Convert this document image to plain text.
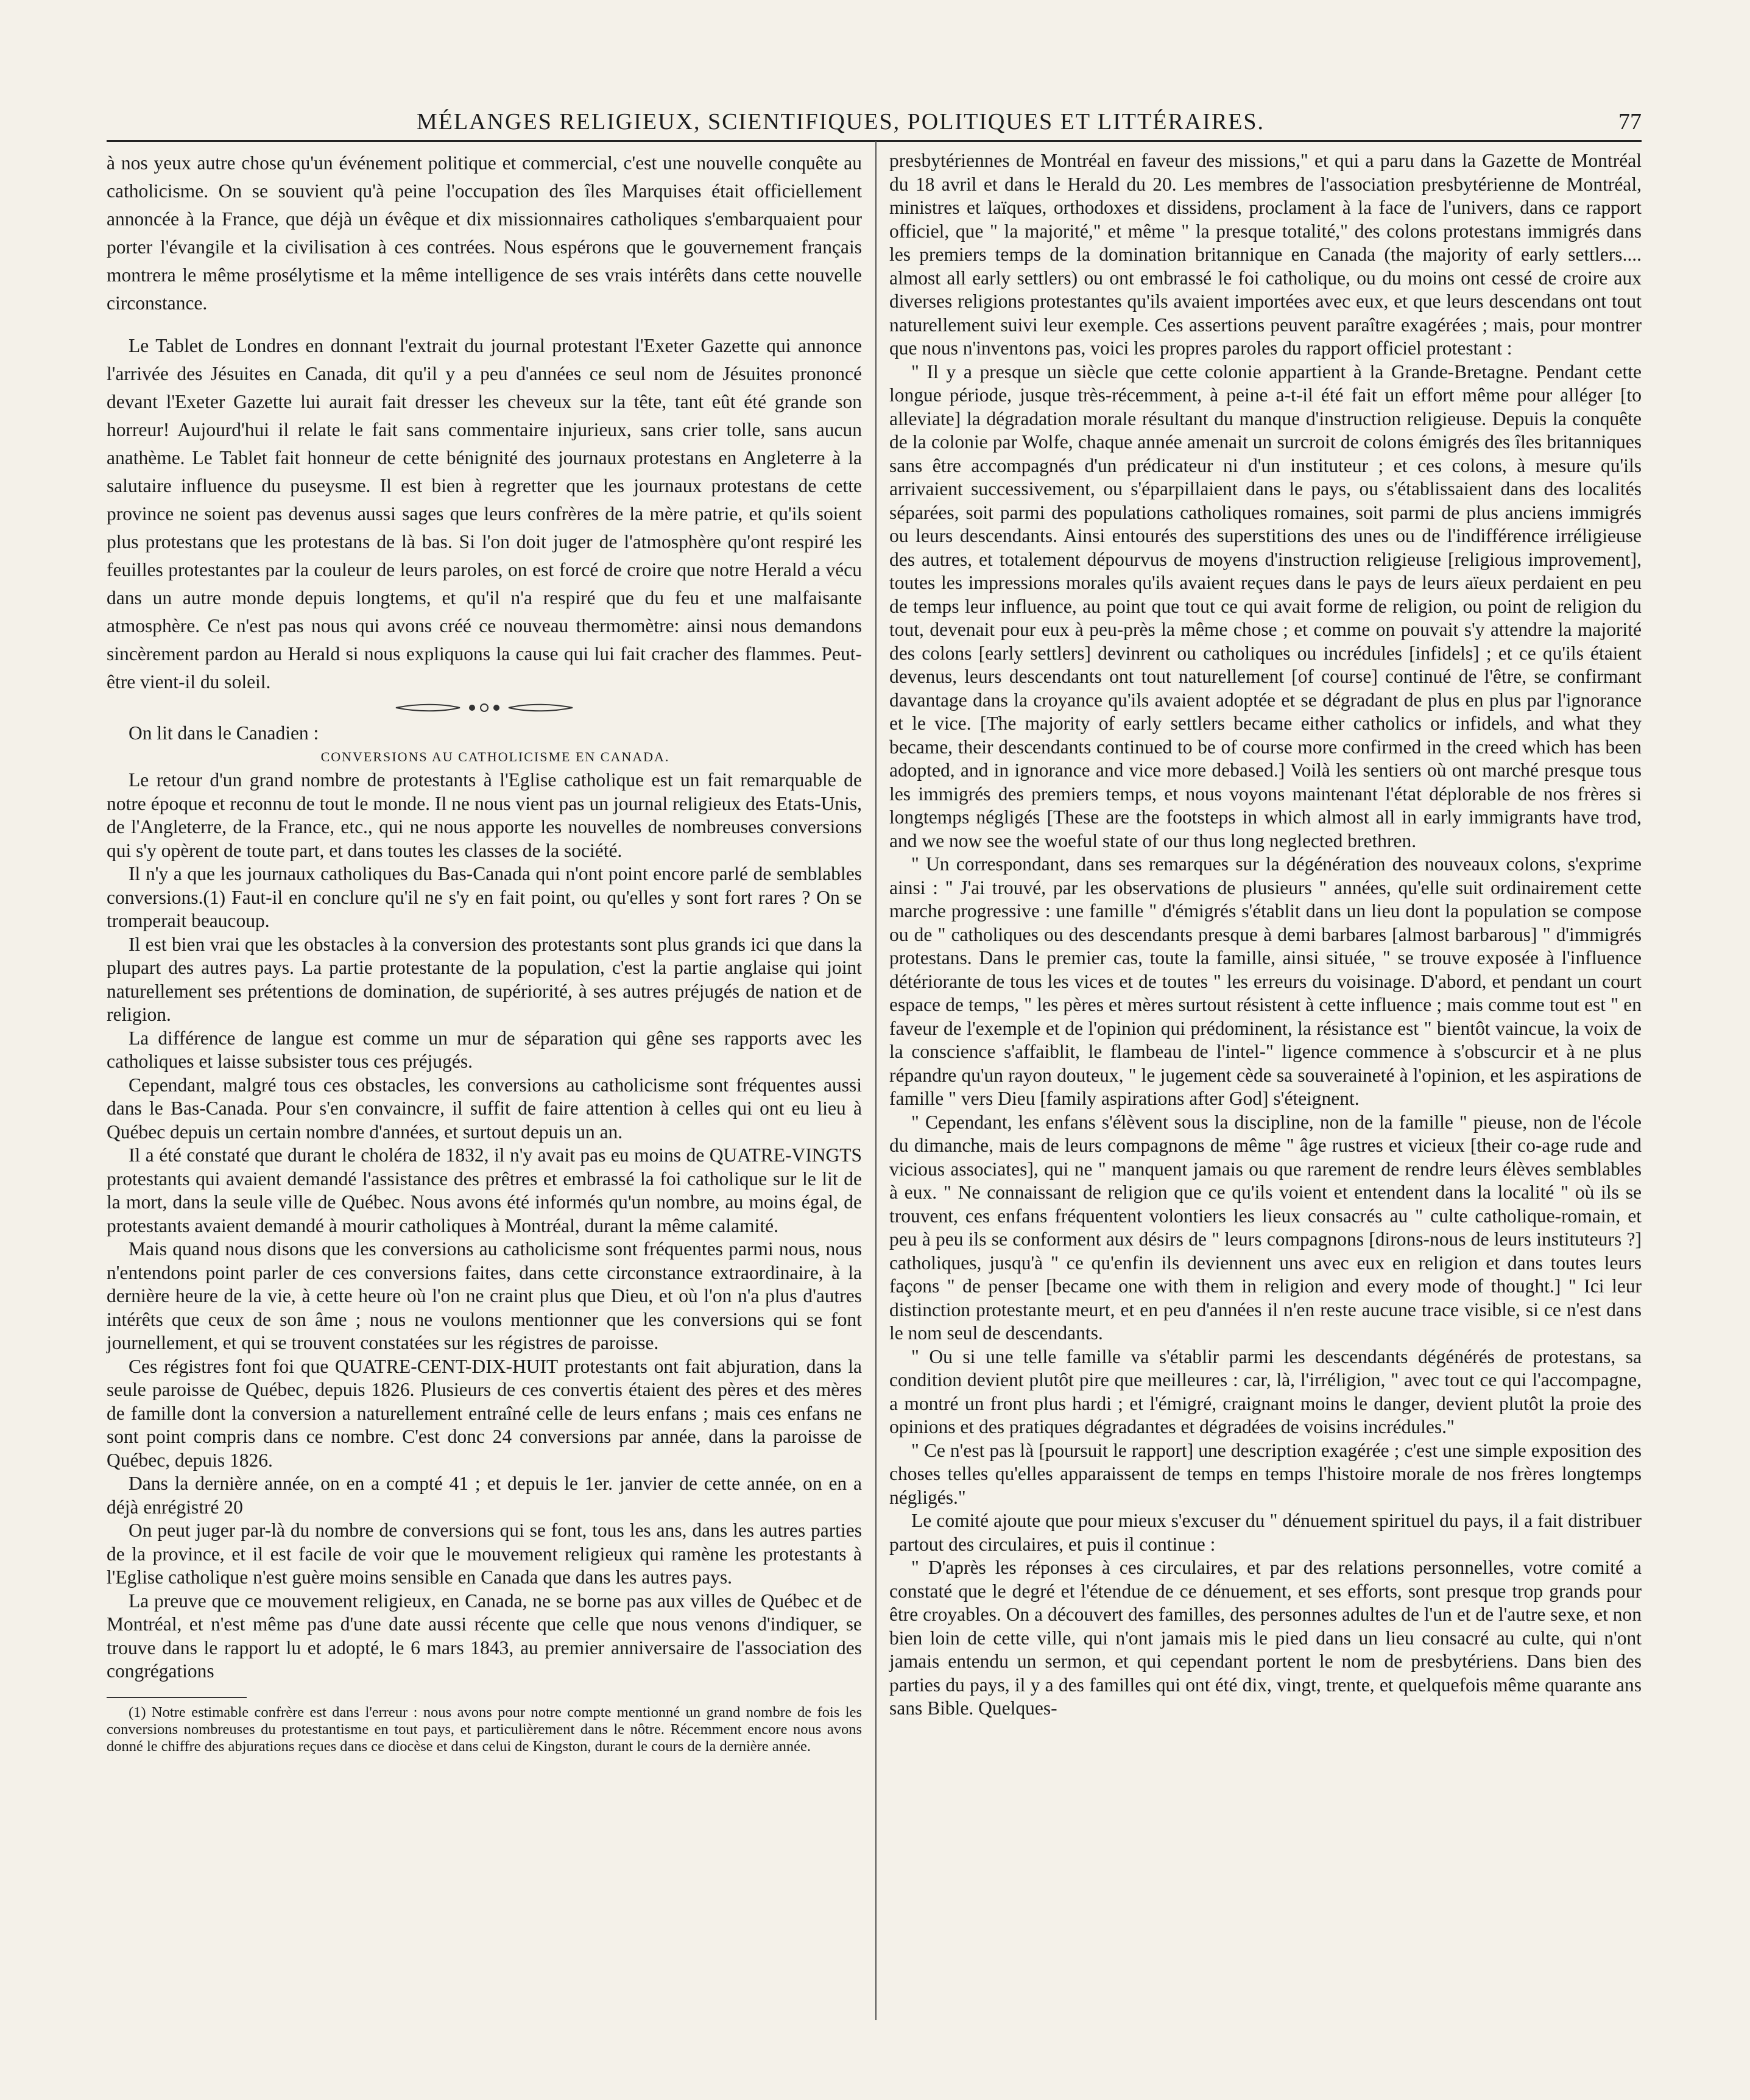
MÉLANGES RELIGIEUX, SCIENTIFIQUES, POLITIQUES ET LITTÉRAIRES.	77

à nos yeux autre chose qu'un événement politique et commercial, c'est une nouvelle conquête au catholicisme. On se souvient qu'à peine l'occupation des îles Marquises était officiellement annoncée à la France, que déjà un évêque et dix missionnaires catholiques s'embarquaient pour porter l'évangile et la civilisation à ces contrées. Nous espérons que le gouvernement français montrera le même prosélytisme et la même intelligence de ses vrais intérêts dans cette nouvelle circonstance.

Le Tablet de Londres en donnant l'extrait du journal protestant l'Exeter Gazette qui annonce l'arrivée des Jésuites en Canada, dit qu'il y a peu d'années ce seul nom de Jésuites prononcé devant l'Exeter Gazette lui aurait fait dresser les cheveux sur la tête, tant eût été grande son horreur! Aujourd'hui il relate le fait sans commentaire injurieux, sans crier tolle, sans aucun anathème. Le Tablet fait honneur de cette bénignité des journaux protestans en Angleterre à la salutaire influence du puseysme. Il est bien à regretter que les journaux protestans de cette province ne soient pas devenus aussi sages que leurs confrères de la mère patrie, et qu'ils soient plus protestans que les protestans de là bas. Si l'on doit juger de l'atmosphère qu'ont respiré les feuilles protestantes par la couleur de leurs paroles, on est forcé de croire que notre Herald a vécu dans un autre monde depuis longtems, et qu'il n'a respiré que du feu et une malfaisante atmosphère. Ce n'est pas nous qui avons créé ce nouveau thermomètre: ainsi nous demandons sincèrement pardon au Herald si nous expliquons la cause qui lui fait cracher des flammes. Peut-être vient-il du soleil.

On lit dans le Canadien :

CONVERSIONS AU CATHOLICISME EN CANADA.

Le retour d'un grand nombre de protestants à l'Eglise catholique est un fait remarquable de notre époque et reconnu de tout le monde. Il ne nous vient pas un journal religieux des Etats-Unis, de l'Angleterre, de la France, etc., qui ne nous apporte les nouvelles de nombreuses conversions qui s'y opèrent de toute part, et dans toutes les classes de la société.

Il n'y a que les journaux catholiques du Bas-Canada qui n'ont point encore parlé de semblables conversions.(1) Faut-il en conclure qu'il ne s'y en fait point, ou qu'elles y sont fort rares ? On se tromperait beaucoup.

Il est bien vrai que les obstacles à la conversion des protestants sont plus grands ici que dans la plupart des autres pays. La partie protestante de la population, c'est la partie anglaise qui joint naturellement ses prétentions de domination, de supériorité, à ses autres préjugés de nation et de religion.

La différence de langue est comme un mur de séparation qui gêne ses rapports avec les catholiques et laisse subsister tous ces préjugés.

Cependant, malgré tous ces obstacles, les conversions au catholicisme sont fréquentes aussi dans le Bas-Canada. Pour s'en convaincre, il suffit de faire attention à celles qui ont eu lieu à Québec depuis un certain nombre d'années, et surtout depuis un an.

Il a été constaté que durant le choléra de 1832, il n'y avait pas eu moins de QUATRE-VINGTS protestants qui avaient demandé l'assistance des prêtres et embrassé la foi catholique sur le lit de la mort, dans la seule ville de Québec. Nous avons été informés qu'un nombre, au moins égal, de protestants avaient demandé à mourir catholiques à Montréal, durant la même calamité.

Mais quand nous disons que les conversions au catholicisme sont fréquentes parmi nous, nous n'entendons point parler de ces conversions faites, dans cette circonstance extraordinaire, à la dernière heure de la vie, à cette heure où l'on ne craint plus que Dieu, et où l'on n'a plus d'autres intérêts que ceux de son âme ; nous ne voulons mentionner que les conversions qui se font journellement, et qui se trouvent constatées sur les régistres de paroisse.

Ces régistres font foi que QUATRE-CENT-DIX-HUIT protestants ont fait abjuration, dans la seule paroisse de Québec, depuis 1826. Plusieurs de ces convertis étaient des pères et des mères de famille dont la conversion a naturellement entraîné celle de leurs enfans ; mais ces enfans ne sont point compris dans ce nombre. C'est donc 24 conversions par année, dans la paroisse de Québec, depuis 1826.

Dans la dernière année, on en a compté 41 ; et depuis le 1er. janvier de cette année, on en a déjà enrégistré 20

On peut juger par-là du nombre de conversions qui se font, tous les ans, dans les autres parties de la province, et il est facile de voir que le mouvement religieux qui ramène les protestants à l'Eglise catholique n'est guère moins sensible en Canada que dans les autres pays.

La preuve que ce mouvement religieux, en Canada, ne se borne pas aux villes de Québec et de Montréal, et n'est même pas d'une date aussi récente que celle que nous venons d'indiquer, se trouve dans le rapport lu et adopté, le 6 mars 1843, au premier anniversaire de l'association des congrégations

(1) Notre estimable confrère est dans l'erreur : nous avons pour notre compte mentionné un grand nombre de fois les conversions nombreuses du protestantisme en tout pays, et particulièrement dans le nôtre. Récemment encore nous avons donné le chiffre des abjurations reçues dans ce diocèse et dans celui de Kingston, durant le cours de la dernière année.

presbytériennes de Montréal en faveur des missions," et qui a paru dans la Gazette de Montréal du 18 avril et dans le Herald du 20. Les membres de l'association presbytérienne de Montréal, ministres et laïques, orthodoxes et dissidens, proclament à la face de l'univers, dans ce rapport officiel, que " la majorité," et même " la presque totalité," des colons protestans immigrés dans les premiers temps de la domination britannique en Canada (the majority of early settlers.... almost all early settlers) ou ont embrassé le foi catholique, ou du moins ont cessé de croire aux diverses religions protestantes qu'ils avaient importées avec eux, et que leurs descendans ont tout naturellement suivi leur exemple. Ces assertions peuvent paraître exagérées ; mais, pour montrer que nous n'inventons pas, voici les propres paroles du rapport officiel protestant :

" Il y a presque un siècle que cette colonie appartient à la Grande-Bretagne. Pendant cette longue période, jusque très-récemment, à peine a-t-il été fait un effort même pour alléger [to alleviate] la dégradation morale résultant du manque d'instruction religieuse. Depuis la conquête de la colonie par Wolfe, chaque année amenait un surcroit de colons émigrés des îles britanniques sans être accompagnés d'un prédicateur ni d'un instituteur ; et ces colons, à mesure qu'ils arrivaient successivement, ou s'éparpillaient dans le pays, ou s'établissaient dans des localités séparées, soit parmi des populations catholiques romaines, soit parmi de plus anciens immigrés ou leurs descendants. Ainsi entourés des superstitions des unes ou de l'indifférence irréligieuse des autres, et totalement dépourvus de moyens d'instruction religieuse [religious improvement], toutes les impressions morales qu'ils avaient reçues dans le pays de leurs aïeux perdaient en peu de temps leur influence, au point que tout ce qui avait forme de religion, ou point de religion du tout, devenait pour eux à peu-près la même chose ; et comme on pouvait s'y attendre la majorité des colons [early settlers] devinrent ou catholiques ou incrédules [infidels] ; et ce qu'ils étaient devenus, leurs descendants ont tout naturellement [of course] continué de l'être, se confirmant davantage dans la croyance qu'ils avaient adoptée et se dégradant de plus en plus par l'ignorance et le vice. [The majority of early settlers became either catholics or infidels, and what they became, their descendants continued to be of course more confirmed in the creed which has been adopted, and in ignorance and vice more debased.] Voilà les sentiers où ont marché presque tous les immigrés des premiers temps, et nous voyons maintenant l'état déplorable de nos frères si longtemps négligés [These are the footsteps in which almost all in early immigrants have trod, and we now see the woeful state of our thus long neglected brethren.

" Un correspondant, dans ses remarques sur la dégénération des nouveaux colons, s'exprime ainsi : " J'ai trouvé, par les observations de plusieurs " années, qu'elle suit ordinairement cette marche progressive : une famille " d'émigrés s'établit dans un lieu dont la population se compose ou de " catholiques ou des descendants presque à demi barbares [almost barbarous] " d'immigrés protestans. Dans le premier cas, toute la famille, ainsi située, " se trouve exposée à l'influence détériorante de tous les vices et de toutes " les erreurs du voisinage. D'abord, et pendant un court espace de temps, " les pères et mères surtout résistent à cette influence ; mais comme tout est " en faveur de l'exemple et de l'opinion qui prédominent, la résistance est " bientôt vaincue, la voix de la conscience s'affaiblit, le flambeau de l'intel-" ligence commence à s'obscurcir et à ne plus répandre qu'un rayon douteux, " le jugement cède sa souveraineté à l'opinion, et les aspirations de famille " vers Dieu [family aspirations after God] s'éteignent.

" Cependant, les enfans s'élèvent sous la discipline, non de la famille " pieuse, non de l'école du dimanche, mais de leurs compagnons de même " âge rustres et vicieux [their co-age rude and vicious associates], qui ne " manquent jamais ou que rarement de rendre leurs élèves semblables à eux. " Ne connaissant de religion que ce qu'ils voient et entendent dans la localité " où ils se trouvent, ces enfans fréquentent volontiers les lieux consacrés au " culte catholique-romain, et peu à peu ils se conforment aux désirs de " leurs compagnons [dirons-nous de leurs instituteurs ?] catholiques, jusqu'à " ce qu'enfin ils deviennent uns avec eux en religion et dans toutes leurs façons " de penser [became one with them in religion and every mode of thought.] " Ici leur distinction protestante meurt, et en peu d'années il n'en reste aucune trace visible, si ce n'est dans le nom seul de descendants.

" Ou si une telle famille va s'établir parmi les descendants dégénérés de protestans, sa condition devient plutôt pire que meilleures : car, là, l'irréligion, " avec tout ce qui l'accompagne, a montré un front plus hardi ; et l'émigré, craignant moins le danger, devient plutôt la proie des opinions et des pratiques dégradantes et dégradées de voisins incrédules."

" Ce n'est pas là [poursuit le rapport] une description exagérée ; c'est une simple exposition des choses telles qu'elles apparaissent de temps en temps l'histoire morale de nos frères longtemps négligés."

Le comité ajoute que pour mieux s'excuser du " dénuement spirituel du pays, il a fait distribuer partout des circulaires, et puis il continue :

" D'après les réponses à ces circulaires, et par des relations personnelles, votre comité a constaté que le degré et l'étendue de ce dénuement, et ses efforts, sont presque trop grands pour être croyables. On a découvert des familles, des personnes adultes de l'un et de l'autre sexe, et non bien loin de cette ville, qui n'ont jamais mis le pied dans un lieu consacré au culte, qui n'ont jamais entendu un sermon, et qui cependant portent le nom de presbytériens. Dans bien des parties du pays, il y a des familles qui ont été dix, vingt, trente, et quelquefois même quarante ans sans Bible. Quelques-
